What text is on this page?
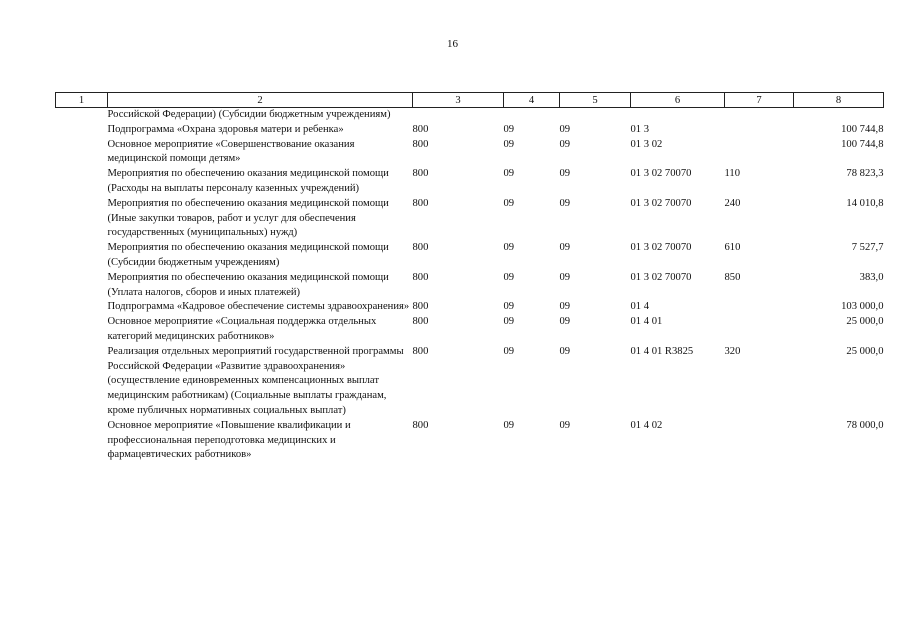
16
1	2	3	4	5	6	7	8
	Российской Федерации) (Субсидии бюджетным учреждениям)						
	Подпрограмма «Охрана здоровья матери и ребенка»	800	09	09	01 3		100 744,8
	Основное мероприятие «Совершенствование оказания медицинской помощи детям»	800	09	09	01 3 02		100 744,8
	Мероприятия по обеспечению оказания медицинской помощи (Расходы на выплаты персоналу казенных учреждений)	800	09	09	01 3 02 70070	110	78 823,3
	Мероприятия по обеспечению оказания медицинской помощи (Иные закупки товаров, работ и услуг для обеспечения государственных (муниципальных) нужд)	800	09	09	01 3 02 70070	240	14 010,8
	Мероприятия по обеспечению оказания медицинской помощи (Субсидии бюджетным учреждениям)	800	09	09	01 3 02 70070	610	7 527,7
	Мероприятия по обеспечению оказания медицинской помощи (Уплата налогов, сборов и иных платежей)	800	09	09	01 3 02 70070	850	383,0
	Подпрограмма «Кадровое обеспечение системы здравоохранения»	800	09	09	01 4		103 000,0
	Основное мероприятие «Социальная поддержка отдельных категорий медицинских работников»	800	09	09	01 4 01		25 000,0
	Реализация отдельных мероприятий государственной программы Российской Федерации «Развитие здравоохранения» (осуществление единовременных компенсационных выплат медицинским работникам) (Социальные выплаты гражданам, кроме публичных нормативных социальных выплат)	800	09	09	01 4 01 R3825	320	25 000,0
	Основное мероприятие «Повышение квалификации и профессиональная переподготовка медицинских и фармацевтических работников»	800	09	09	01 4 02		78 000,0
